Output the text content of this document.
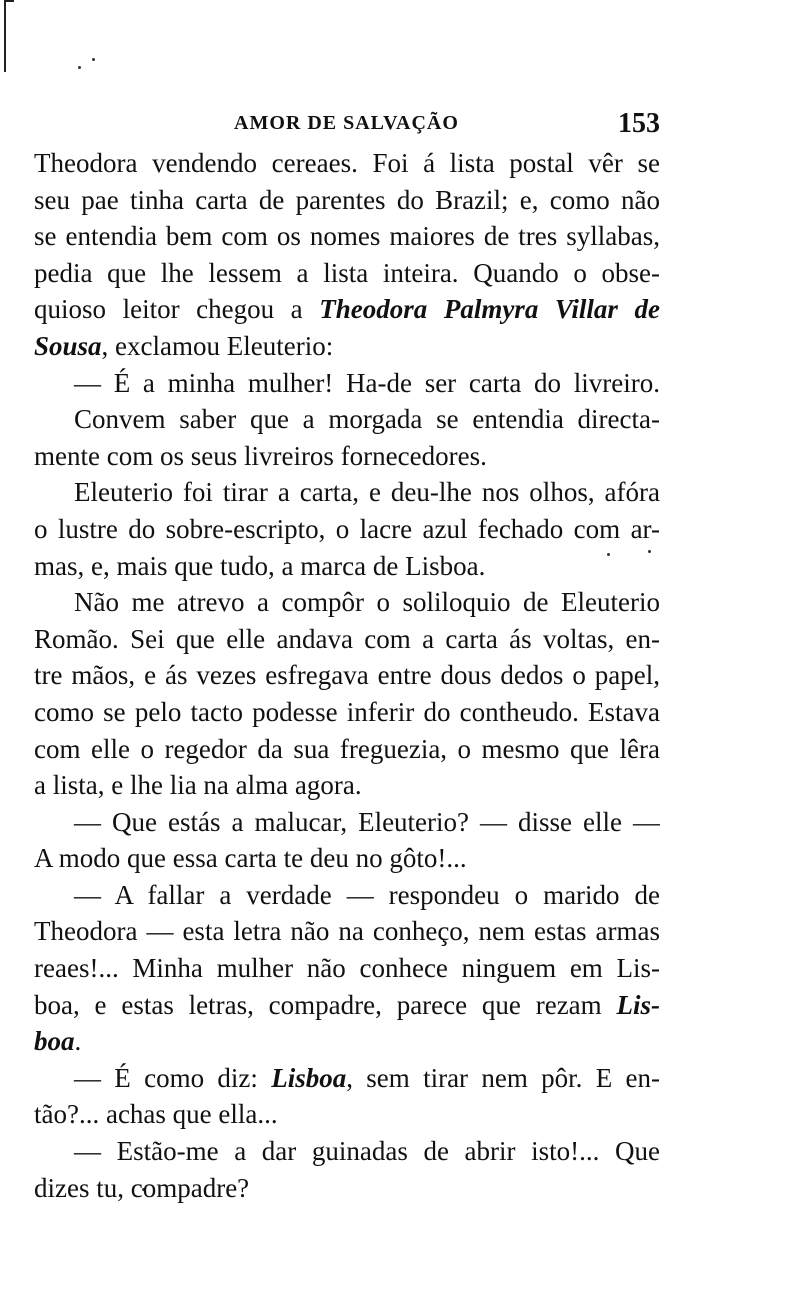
AMOR DE SALVAÇÃO	153
Theodora vendendo cereaes. Foi á lista postal vêr se
seu pae tinha carta de parentes do Brazil; e, como não
se entendia bem com os nomes maiores de tres syllabas,
pedia que lhe lessem a lista inteira. Quando o obse-
quioso leitor chegou a Theodora Palmyra Villar de
Sousa, exclamou Eleuterio:
— É a minha mulher! Ha-de ser carta do livreiro.
Convem saber que a morgada se entendia directa-
mente com os seus livreiros fornecedores.
Eleuterio foi tirar a carta, e deu-lhe nos olhos, afóra
o lustre do sobre-escripto, o lacre azul fechado com ar-
mas, e, mais que tudo, a marca de Lisboa.
Não me atrevo a compôr o soliloquio de Eleuterio
Romão. Sei que elle andava com a carta ás voltas, en-
tre mãos, e ás vezes esfregava entre dous dedos o papel,
como se pelo tacto podesse inferir do contheudo. Estava
com elle o regedor da sua freguezia, o mesmo que lêra
a lista, e lhe lia na alma agora.
— Que estás a malucar, Eleuterio? — disse elle —
A modo que essa carta te deu no gôto!...
— A fallar a verdade — respondeu o marido de
Theodora — esta letra não na conheço, nem estas armas
reaes!... Minha mulher não conhece ninguem em Lis-
boa, e estas letras, compadre, parece que rezam Lis-
boa.
— É como diz: Lisboa, sem tirar nem pôr. E en-
tão?... achas que ella...
— Estão-me a dar guinadas de abrir isto!... Que
dizes tu, compadre?
